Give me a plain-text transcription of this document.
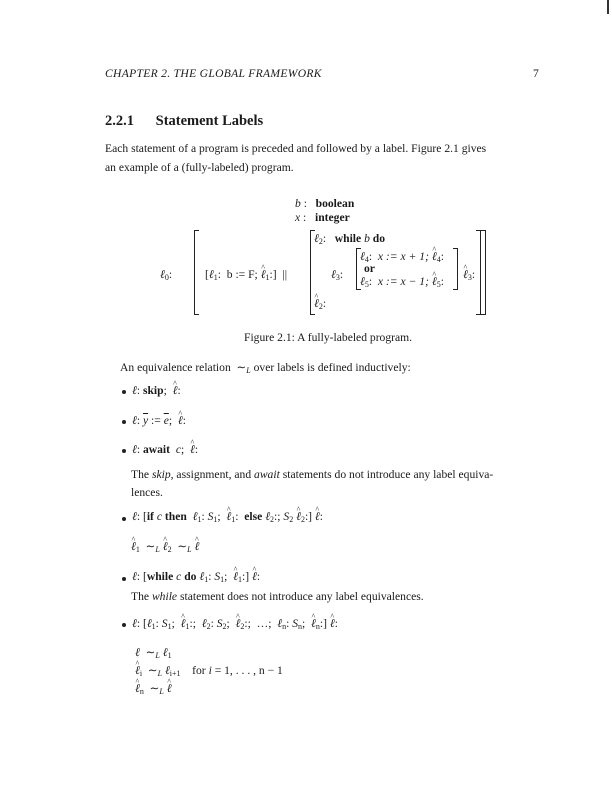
CHAPTER 2. THE GLOBAL FRAMEWORK	7
2.2.1 Statement Labels
Each statement of a program is preceded and followed by a label. Figure 2.1 gives
an example of a (fully-labeled) program.
b :   boolean
x :   integer
ℓ$_0$:	[ℓ$_1$:  b := F; ^ ℓ$_1$:]  ||
ℓ$_2$:   while b do
ℓ$_3$:
ℓ$_4$:  x := x + 1; ^ ℓ$_4$:
or
ℓ$_5$:  x := x − 1; ^ ℓ$_5$:
^ ℓ$_3$:
^ ℓ$_2$:
Figure 2.1: A fully-labeled program.
An equivalence relation  $\sim_L$ over labels is defined inductively:
ℓ: skip;  ^ ℓ:
ℓ: $\overline{y}$ := $\overline{e}$;  ^ ℓ:
ℓ: await c;  ^ ℓ:
The skip, assignment, and await statements do not introduce any label equiva-
lences.
ℓ: [if c then ℓ$_1$: $S_1$;  ^ ℓ$_1$:  else ℓ$_2$:; $S_2$ ^ ℓ$_2$:] ^ ℓ:
^ ℓ$_1$  $\sim_L$ ^ ℓ$_2$  $\sim_L$ ^ ℓ
ℓ: [while c do ℓ$_1$: $S_1$;  ^ ℓ$_1$:] ^ ℓ:
The while statement does not introduce any label equivalences.
ℓ: [ℓ$_1$: $S_1$;  ^ ℓ$_1$:;  ℓ$_2$: $S_2$;  ^ ℓ$_2$:;  …;  ℓ$_n$: $S_n$;  ^ ℓ$_n$:] ^ ℓ:
ℓ  $\sim_L$ ℓ$_1$
^ ℓ$_i$  $\sim_L$ ℓ$_{i+1}$ for i = 1, . . . , n − 1
^ ℓ$_n$  $\sim_L$ ^ ℓ
